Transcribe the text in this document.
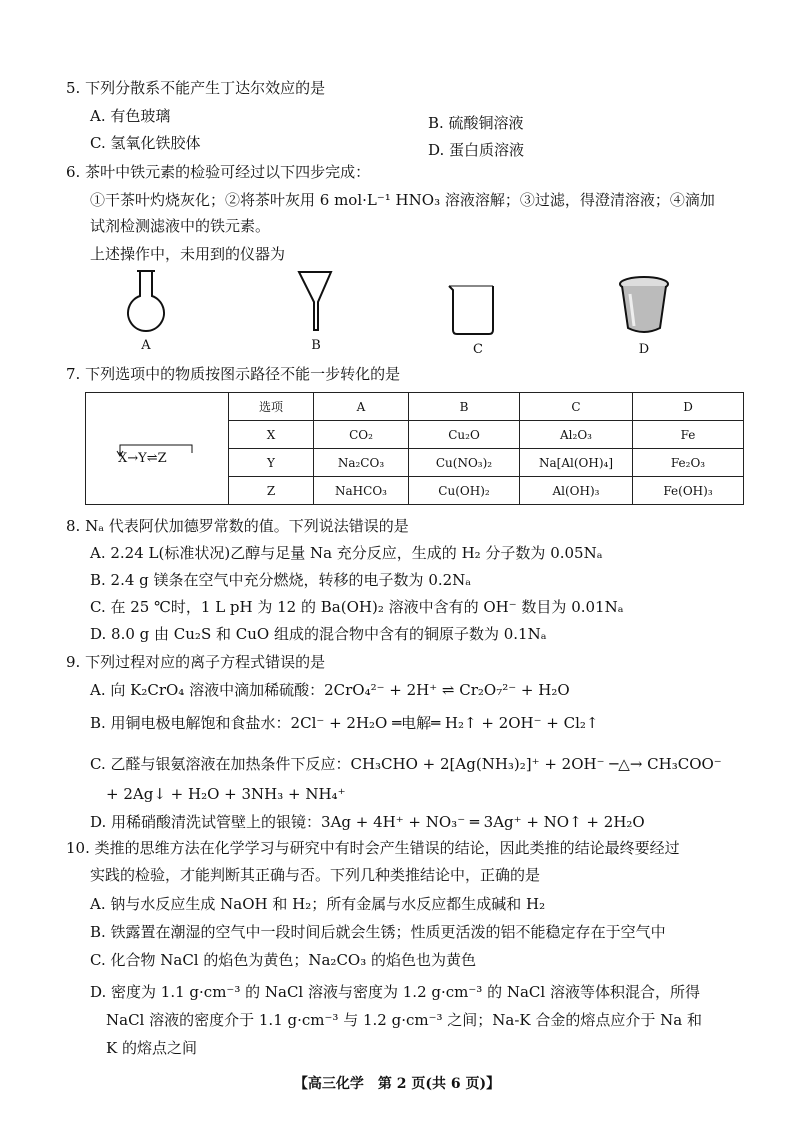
5. 下列分散系不能产生丁达尔效应的是
A. 有色玻璃	B. 硫酸铜溶液
C. 氢氧化铁胶体	D. 蛋白质溶液
6. 茶叶中铁元素的检验可经过以下四步完成：
①干茶叶灼烧灰化；②将茶叶灰用 6 mol·L⁻¹ HNO₃ 溶液溶解；③过滤，得澄清溶液；④滴加
试剂检测滤液中的铁元素。
上述操作中，未用到的仪器为
A	B	C	D
7. 下列选项中的物质按图示路径不能一步转化的是
X→Y⇌Z	选项	A	B	C	D
	X	CO₂	Cu₂O	Al₂O₃	Fe
	Y	Na₂CO₃	Cu(NO₃)₂	Na[Al(OH)₄]	Fe₂O₃
	Z	NaHCO₃	Cu(OH)₂	Al(OH)₃	Fe(OH)₃
8. Nₐ 代表阿伏加德罗常数的值。下列说法错误的是
A. 2.24 L(标准状况)乙醇与足量 Na 充分反应，生成的 H₂ 分子数为 0.05Nₐ
B. 2.4 g 镁条在空气中充分燃烧，转移的电子数为 0.2Nₐ
C. 在 25 ℃时，1 L pH 为 12 的 Ba(OH)₂ 溶液中含有的 OH⁻ 数目为 0.01Nₐ
D. 8.0 g 由 Cu₂S 和 CuO 组成的混合物中含有的铜原子数为 0.1Nₐ
9. 下列过程对应的离子方程式错误的是
A. 向 K₂CrO₄ 溶液中滴加稀硫酸：2CrO₄²⁻ + 2H⁺ ⇌ Cr₂O₇²⁻ + H₂O
B. 用铜电极电解饱和食盐水：2Cl⁻ + 2H₂O ═电解═ H₂↑ + 2OH⁻ + Cl₂↑
C. 乙醛与银氨溶液在加热条件下反应：CH₃CHO + 2[Ag(NH₃)₂]⁺ + 2OH⁻ ─△→ CH₃COO⁻
+ 2Ag↓ + H₂O + 3NH₃ + NH₄⁺
D. 用稀硝酸清洗试管壁上的银镜：3Ag + 4H⁺ + NO₃⁻ ═ 3Ag⁺ + NO↑ + 2H₂O
10. 类推的思维方法在化学学习与研究中有时会产生错误的结论，因此类推的结论最终要经过
实践的检验，才能判断其正确与否。下列几种类推结论中，正确的是
A. 钠与水反应生成 NaOH 和 H₂；所有金属与水反应都生成碱和 H₂
B. 铁露置在潮湿的空气中一段时间后就会生锈；性质更活泼的铝不能稳定存在于空气中
C. 化合物 NaCl 的焰色为黄色；Na₂CO₃ 的焰色也为黄色
D. 密度为 1.1 g·cm⁻³ 的 NaCl 溶液与密度为 1.2 g·cm⁻³ 的 NaCl 溶液等体积混合，所得
NaCl 溶液的密度介于 1.1 g·cm⁻³ 与 1.2 g·cm⁻³ 之间；Na-K 合金的熔点应介于 Na 和
K 的熔点之间
【高三化学　第 2 页(共 6 页)】
